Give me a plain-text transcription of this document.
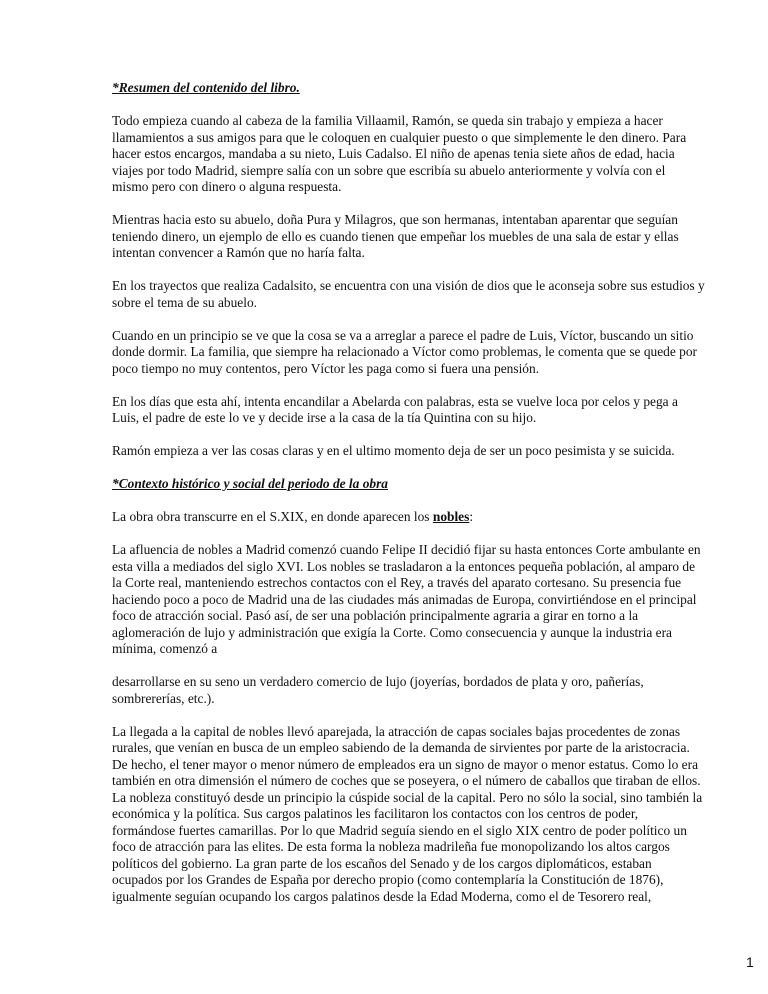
*Resumen del contenido del libro.
Todo empieza cuando al cabeza de la familia Villaamil, Ramón, se queda sin trabajo y empieza a hacer
llamamientos a sus amigos para que le coloquen en cualquier puesto o que simplemente le den dinero. Para
hacer estos encargos, mandaba a su nieto, Luis Cadalso. El niño de apenas tenia siete años de edad, hacia
viajes por todo Madrid, siempre salía con un sobre que escribía su abuelo anteriormente y volvía con el
mismo pero con dinero o alguna respuesta.
Mientras hacia esto su abuelo, doña Pura y Milagros, que son hermanas, intentaban aparentar que seguían
teniendo dinero, un ejemplo de ello es cuando tienen que empeñar los muebles de una sala de estar y ellas
intentan convencer a Ramón que no haría falta.
En los trayectos que realiza Cadalsito, se encuentra con una visión de dios que le aconseja sobre sus estudios y
sobre el tema de su abuelo.
Cuando en un principio se ve que la cosa se va a arreglar a parece el padre de Luis, Víctor, buscando un sitio
donde dormir. La familia, que siempre ha relacionado a Víctor como problemas, le comenta que se quede por
poco tiempo no muy contentos, pero Víctor les paga como si fuera una pensión.
En los días que esta ahí, intenta encandilar a Abelarda con palabras, esta se vuelve loca por celos y pega a
Luis, el padre de este lo ve y decide irse a la casa de la tía Quintina con su hijo.
Ramón empieza a ver las cosas claras y en el ultimo momento deja de ser un poco pesimista y se suicida.
*Contexto histórico y social del periodo de la obra
La obra obra transcurre en el S.XIX, en donde aparecen los nobles:
La afluencia de nobles a Madrid comenzó cuando Felipe II decidió fijar su hasta entonces Corte ambulante en
esta villa a mediados del siglo XVI. Los nobles se trasladaron a la entonces pequeña población, al amparo de
la Corte real, manteniendo estrechos contactos con el Rey, a través del aparato cortesano. Su presencia fue
haciendo poco a poco de Madrid una de las ciudades más animadas de Europa, convirtiéndose en el principal
foco de atracción social. Pasó así, de ser una población principalmente agraria a girar en torno a la
aglomeración de lujo y administración que exigía la Corte. Como consecuencia y aunque la industria era
mínima, comenzó a
desarrollarse en su seno un verdadero comercio de lujo (joyerías, bordados de plata y oro, pañerías,
sombrererías, etc.).
La llegada a la capital de nobles llevó aparejada, la atracción de capas sociales bajas procedentes de zonas
rurales, que venían en busca de un empleo sabiendo de la demanda de sirvientes por parte de la aristocracia.
De hecho, el tener mayor o menor número de empleados era un signo de mayor o menor estatus. Como lo era
también en otra dimensión el número de coches que se poseyera, o el número de caballos que tiraban de ellos.
La nobleza constituyó desde un principio la cúspide social de la capital. Pero no sólo la social, sino también la
económica y la política. Sus cargos palatinos les facilitaron los contactos con los centros de poder,
formándose fuertes camarillas. Por lo que Madrid seguía siendo en el siglo XIX centro de poder político un
foco de atracción para las elites. De esta forma la nobleza madrileña fue monopolizando los altos cargos
políticos del gobierno. La gran parte de los escaños del Senado y de los cargos diplomáticos, estaban
ocupados por los Grandes de España por derecho propio (como contemplaría la Constitución de 1876),
igualmente seguían ocupando los cargos palatinos desde la Edad Moderna, como el de Tesorero real,
1
